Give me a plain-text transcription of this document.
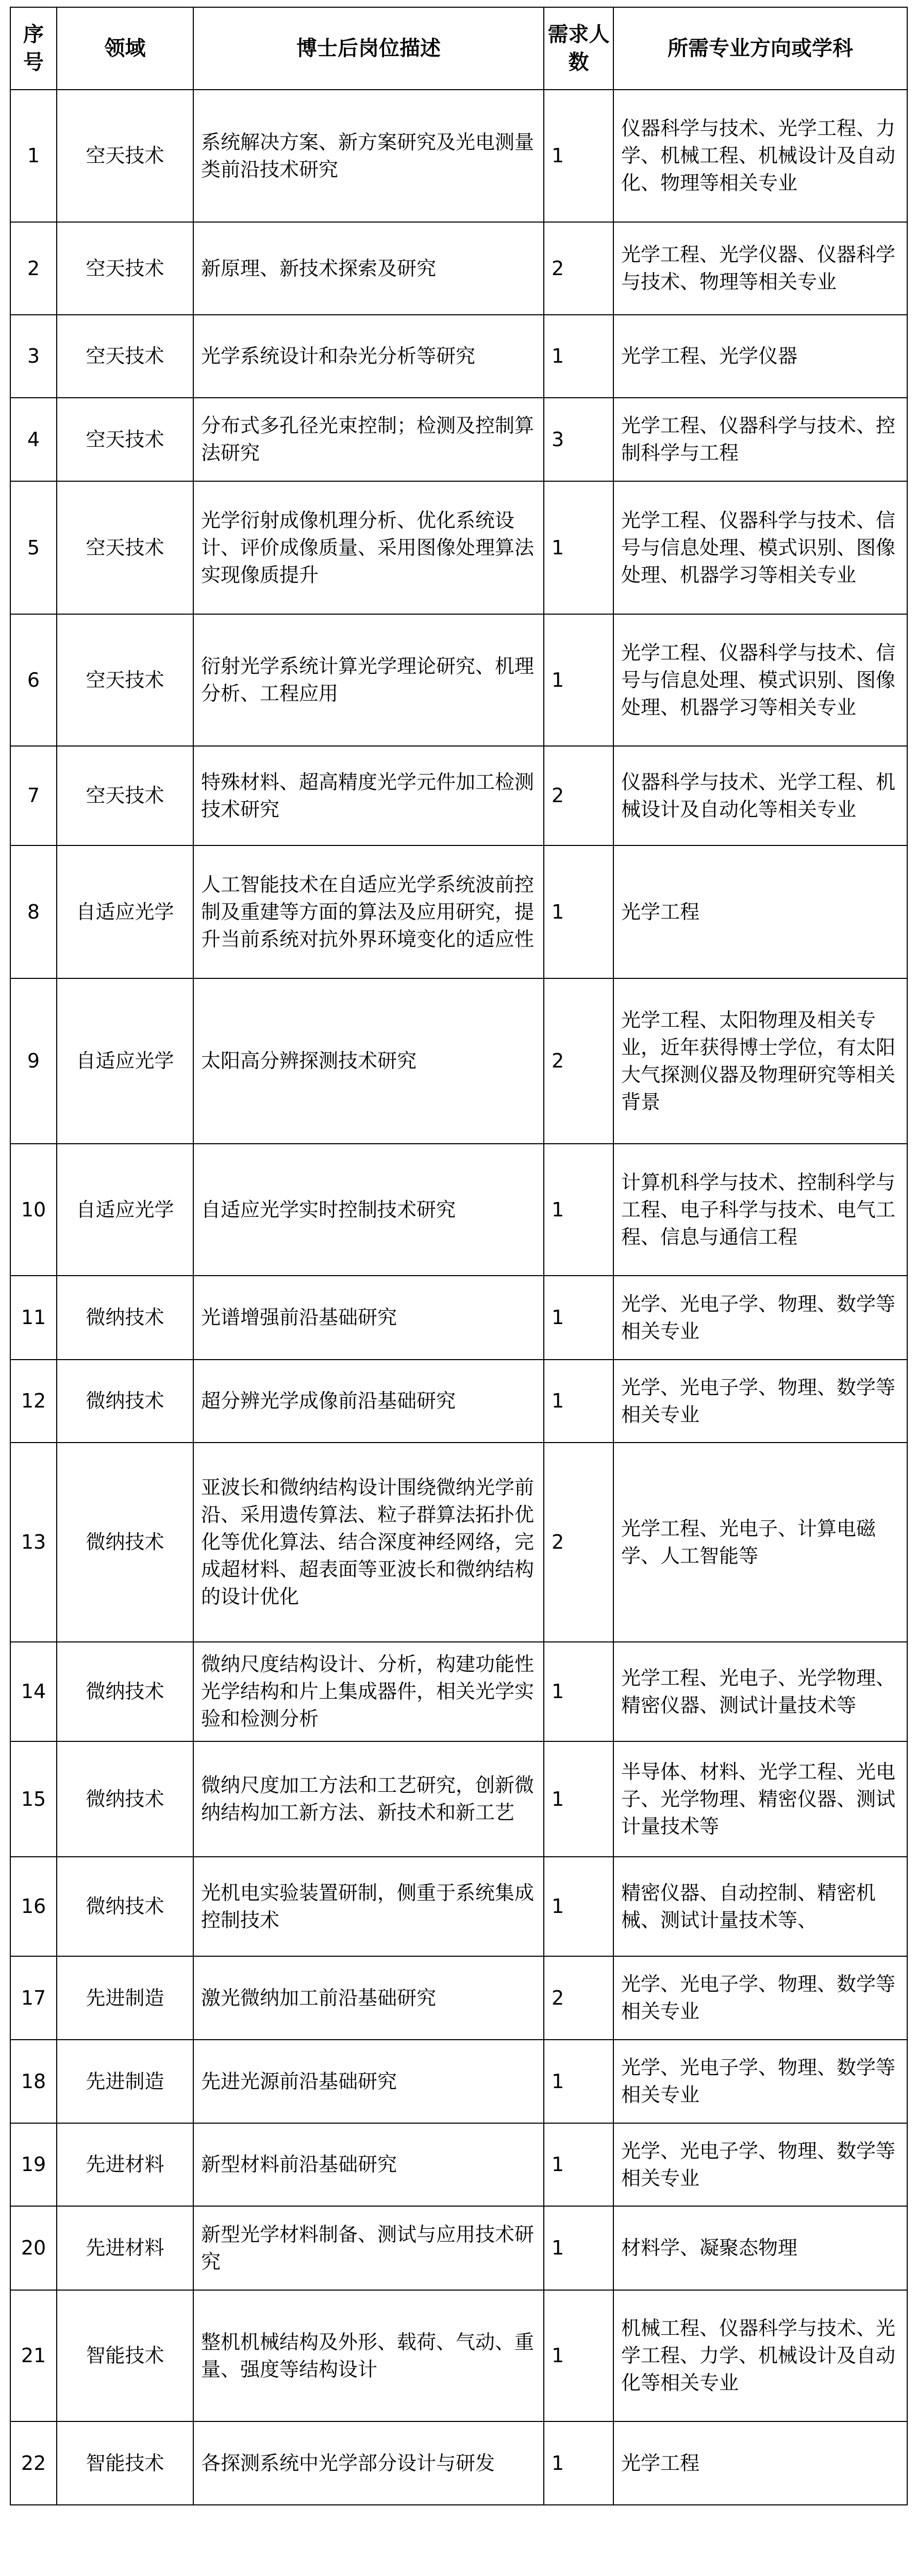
序号	领域	博士后岗位描述	需求人数	所需专业方向或学科
1	空天技术	系统解决方案、新方案研究及光电测量类前沿技术研究	1	仪器科学与技术、光学工程、力学、机械工程、机械设计及自动化、物理等相关专业
2	空天技术	新原理、新技术探索及研究	2	光学工程、光学仪器、仪器科学与技术、物理等相关专业
3	空天技术	光学系统设计和杂光分析等研究	1	光学工程、光学仪器
4	空天技术	分布式多孔径光束控制；检测及控制算法研究	3	光学工程、仪器科学与技术、控制科学与工程
5	空天技术	光学衍射成像机理分析、优化系统设计、评价成像质量、采用图像处理算法实现像质提升	1	光学工程、仪器科学与技术、信号与信息处理、模式识别、图像处理、机器学习等相关专业
6	空天技术	衍射光学系统计算光学理论研究、机理分析、工程应用	1	光学工程、仪器科学与技术、信号与信息处理、模式识别、图像处理、机器学习等相关专业
7	空天技术	特殊材料、超高精度光学元件加工检测技术研究	2	仪器科学与技术、光学工程、机械设计及自动化等相关专业
8	自适应光学	人工智能技术在自适应光学系统波前控制及重建等方面的算法及应用研究，提升当前系统对抗外界环境变化的适应性	1	光学工程
9	自适应光学	太阳高分辨探测技术研究	2	光学工程、太阳物理及相关专业，近年获得博士学位，有太阳大气探测仪器及物理研究等相关背景
10	自适应光学	自适应光学实时控制技术研究	1	计算机科学与技术、控制科学与工程、电子科学与技术、电气工程、信息与通信工程
11	微纳技术	光谱增强前沿基础研究	1	光学、光电子学、物理、数学等相关专业
12	微纳技术	超分辨光学成像前沿基础研究	1	光学、光电子学、物理、数学等相关专业
13	微纳技术	亚波长和微纳结构设计围绕微纳光学前沿、采用遗传算法、粒子群算法拓扑优化等优化算法、结合深度神经网络，完成超材料、超表面等亚波长和微纳结构的设计优化	2	光学工程、光电子、计算电磁学、人工智能等
14	微纳技术	微纳尺度结构设计、分析，构建功能性光学结构和片上集成器件，相关光学实验和检测分析	1	光学工程、光电子、光学物理、精密仪器、测试计量技术等
15	微纳技术	微纳尺度加工方法和工艺研究，创新微纳结构加工新方法、新技术和新工艺	1	半导体、材料、光学工程、光电子、光学物理、精密仪器、测试计量技术等
16	微纳技术	光机电实验装置研制，侧重于系统集成控制技术	1	精密仪器、自动控制、精密机械、测试计量技术等、
17	先进制造	激光微纳加工前沿基础研究	2	光学、光电子学、物理、数学等相关专业
18	先进制造	先进光源前沿基础研究	1	光学、光电子学、物理、数学等相关专业
19	先进材料	新型材料前沿基础研究	1	光学、光电子学、物理、数学等相关专业
20	先进材料	新型光学材料制备、测试与应用技术研究	1	材料学、凝聚态物理
21	智能技术	整机机械结构及外形、载荷、气动、重量、强度等结构设计	1	机械工程、仪器科学与技术、光学工程、力学、机械设计及自动化等相关专业
22	智能技术	各探测系统中光学部分设计与研发	1	光学工程
